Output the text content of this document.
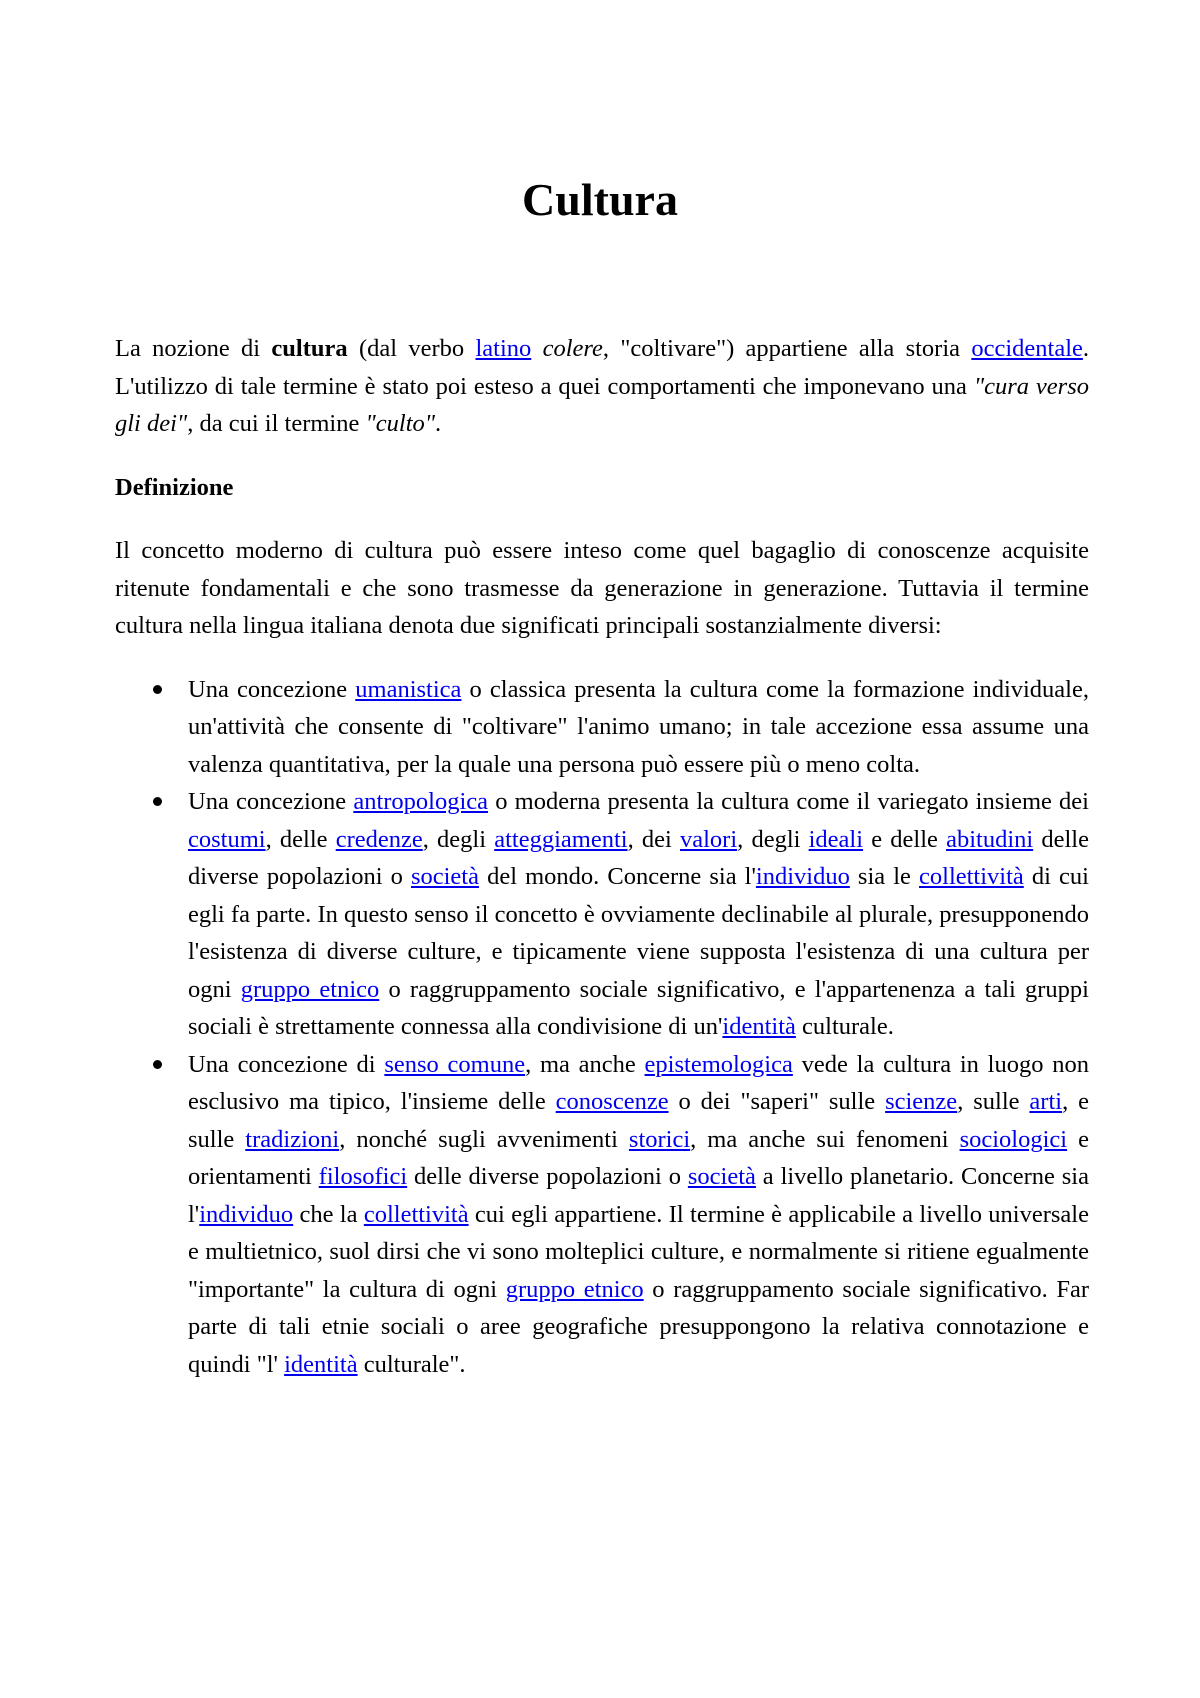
Cultura

La nozione di cultura (dal verbo latino colere, "coltivare") appartiene alla storia occidentale. L'utilizzo di tale termine è stato poi esteso a quei comportamenti che imponevano una "cura verso gli dei", da cui il termine "culto".

Definizione

Il concetto moderno di cultura può essere inteso come quel bagaglio di conoscenze acquisite ritenute fondamentali e che sono trasmesse da generazione in generazione. Tuttavia il termine cultura nella lingua italiana denota due significati principali sostanzialmente diversi:

Una concezione umanistica o classica presenta la cultura come la formazione individuale, un'attività che consente di "coltivare" l'animo umano; in tale accezione essa assume una valenza quantitativa, per la quale una persona può essere più o meno colta.
Una concezione antropologica o moderna presenta la cultura come il variegato insieme dei costumi, delle credenze, degli atteggiamenti, dei valori, degli ideali e delle abitudini delle diverse popolazioni o società del mondo. Concerne sia l'individuo sia le collettività di cui egli fa parte. In questo senso il concetto è ovviamente declinabile al plurale, presupponendo l'esistenza di diverse culture, e tipicamente viene supposta l'esistenza di una cultura per ogni gruppo etnico o raggruppamento sociale significativo, e l'appartenenza a tali gruppi sociali è strettamente connessa alla condivisione di un'identità culturale.
Una concezione di senso comune, ma anche epistemologica vede la cultura in luogo non esclusivo ma tipico, l'insieme delle conoscenze o dei "saperi" sulle scienze, sulle arti, e sulle tradizioni, nonché sugli avvenimenti storici, ma anche sui fenomeni sociologici e orientamenti filosofici delle diverse popolazioni o società a livello planetario. Concerne sia l'individuo che la collettività cui egli appartiene. Il termine è applicabile a livello universale e multietnico, suol dirsi che vi sono molteplici culture, e normalmente si ritiene egualmente "importante" la cultura di ogni gruppo etnico o raggruppamento sociale significativo. Far parte di tali etnie sociali o aree geografiche presuppongono la relativa connotazione e quindi "l' identità culturale".
